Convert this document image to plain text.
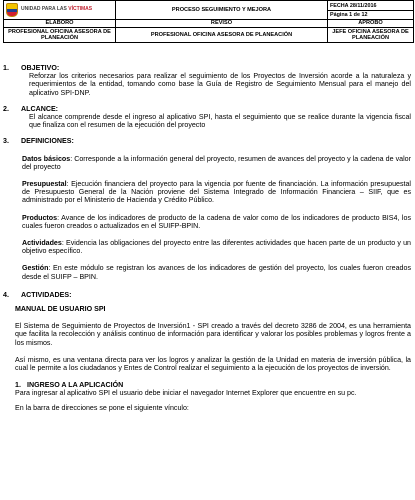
UNIDAD PARA LAS VÍCTIMAS	PROCESO SEGUIMIENTO Y MEJORA	FECHA 28/11/2016
Página 1 de 12

ELABORÓ	REVISÓ	APROBÓ
PROFESIONAL OFICINA ASESORA DE PLANEACIÓN	PROFESIONAL OFICINA ASESORA DE PLANEACIÓN	JEFE OFICINA ASESORA DE PLANEACIÓN
1.	OBJETIVO:
Reforzar los criterios necesarios para realizar el seguimiento de los Proyectos de Inversión acorde a la naturaleza y requerimientos de la entidad, tomando como base la Guía de Registro de Seguimiento Mensual para el manejo del aplicativo SPI-DNP.
2.	ALCANCE:
El alcance comprende desde el ingreso al aplicativo SPI, hasta el seguimiento que se realice durante la vigencia fiscal que finaliza con el resumen de la ejecución del proyecto
3.	DEFINICIONES:
Datos básicos: Corresponde a la información general del proyecto, resumen de avances del proyecto y la cadena de valor del proyecto
Presupuestal: Ejecución financiera del proyecto para la vigencia por fuente de financiación. La información presupuestal de Presupuesto General de la Nación proviene del Sistema Integrado de Información Financiera – SIIF, que es administrado por el Ministerio de Hacienda y Crédito Público.
Productos: Avance de los indicadores de producto de la cadena de valor como de los indicadores de producto BIS4, los cuales fueron creados o actualizados en el SUIFP-BPIN.
Actividades: Evidencia las obligaciones del proyecto entre las diferentes actividades que hacen parte de un producto y un objetivo específico.
Gestión: En este módulo se registran los avances de los indicadores de gestión del proyecto, los cuales fueron creados desde el SUIFP – BPIN.
4.	ACTIVIDADES:
MANUAL DE USUARIO SPI
El Sistema de Seguimiento de Proyectos de Inversión1 - SPI creado a través del decreto 3286 de 2004, es una herramienta que facilita la recolección y análisis continuo de información para identificar y valorar los posibles problemas y logros frente a los mismos.
Así mismo, es una ventana directa para ver los logros y analizar la gestión de la Unidad en materia de inversión pública, la cual le permite a los ciudadanos y Entes de Control realizar el seguimiento a la ejecución de los proyectos de inversión.
1. INGRESO A LA APLICACIÓN
Para ingresar al aplicativo SPI el usuario debe iniciar el navegador Internet Explorer que encuentre en su pc.
En la barra de direcciones se pone el siguiente vínculo:
